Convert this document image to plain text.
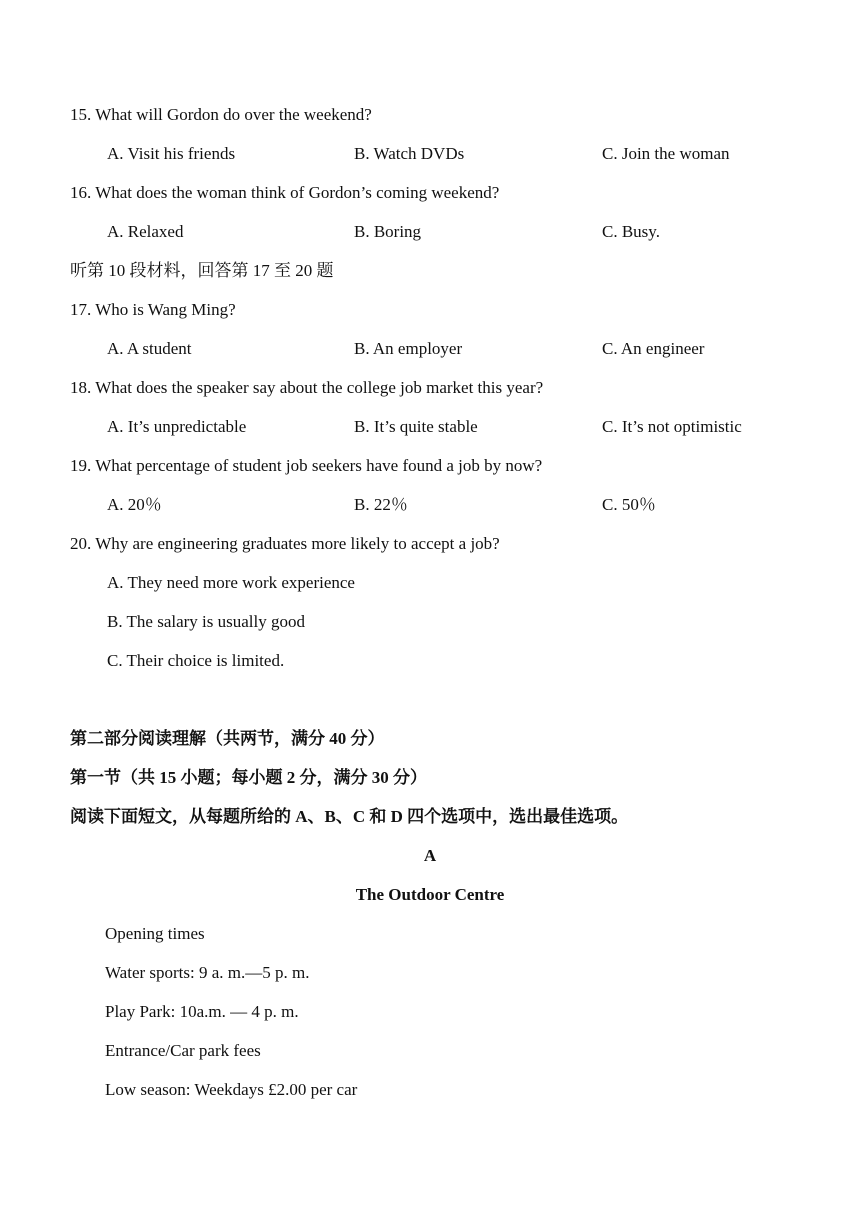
15. What will Gordon do over the weekend?
A. Visit his friends	B. Watch DVDs	C. Join the woman
16. What does the woman think of Gordon’s coming weekend?
A. Relaxed	B. Boring	C. Busy.
听第 10 段材料，回答第 17 至 20 题
17. Who is Wang Ming?
A. A student	B. An employer	C. An engineer
18. What does the speaker say about the college job market this year?
A. It’s unpredictable	B. It’s quite stable	C. It’s not optimistic
19. What percentage of student job seekers have found a job by now?
A. 20％	B. 22％	C. 50％
20. Why are engineering graduates more likely to accept a job?
A. They need more work experience
B. The salary is usually good
C. Their choice is limited.
第二部分阅读理解（共两节，满分 40 分）
第一节（共 15 小题；每小题 2 分，满分 30 分）
阅读下面短文，从每题所给的 A、B、C 和 D 四个选项中，选出最佳选项。
A
The Outdoor Centre
Opening times
Water sports: 9 a. m.—5 p. m.
Play Park: 10a.m. — 4 p. m.
Entrance/Car park fees
Low season: Weekdays £2.00 per car
